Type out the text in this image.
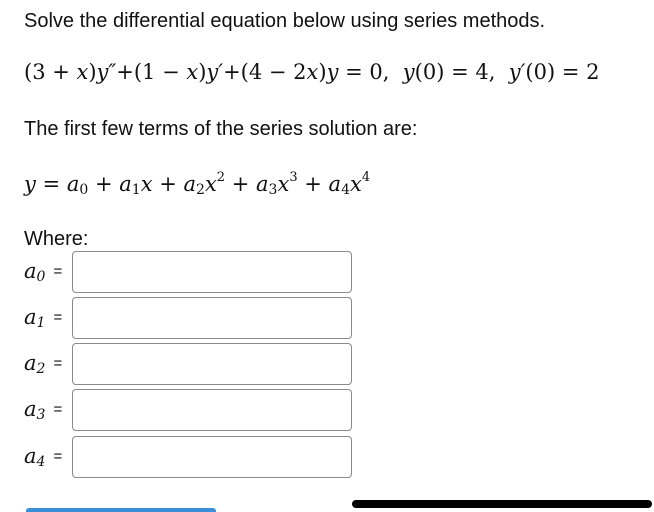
Solve the differential equation below using series methods.
(3 + x)y″+(1 − x)y′+(4 − 2x)y = 0, y(0) = 4, y′(0) = 2
The first few terms of the series solution are:
$y = a_0 + a_1x + a_2x^2 + a_3x^3 + a_4x^4$
Where:
$a_0$ =
$a_1$ =
$a_2$ =
$a_3$ =
$a_4$ =
